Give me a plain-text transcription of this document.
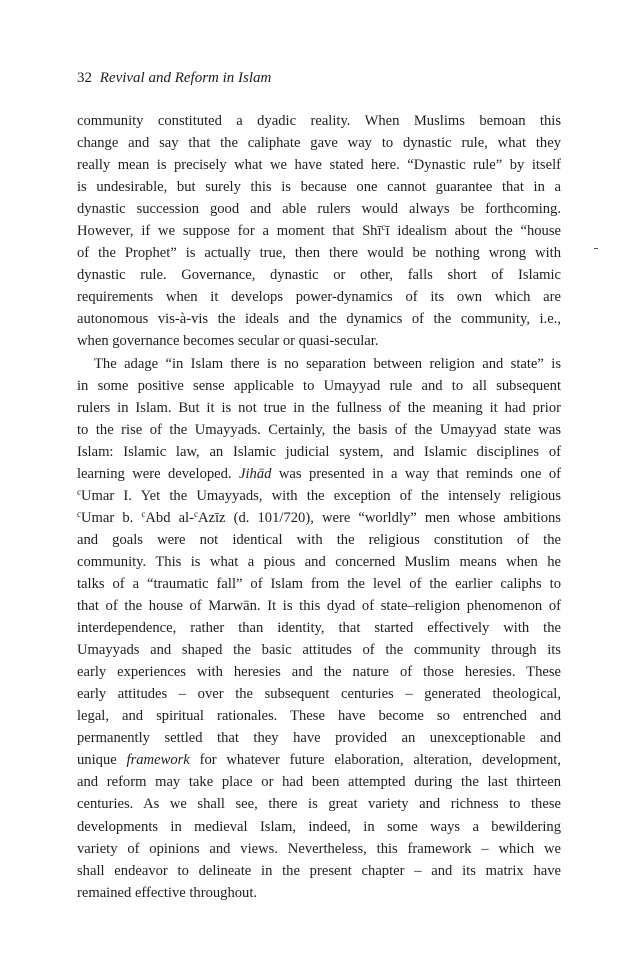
32 Revival and Reform in Islam
community constituted a dyadic reality. When Muslims bemoan this
change and say that the caliphate gave way to dynastic rule, what they
really mean is precisely what we have stated here. “Dynastic rule” by itself
is undesirable, but surely this is because one cannot guarantee that in a
dynastic succession good and able rulers would always be forthcoming.
However, if we suppose for a moment that Shī$^c$ī idealism about the “house
of the Prophet” is actually true, then there would be nothing wrong with
dynastic rule. Governance, dynastic or other, falls short of Islamic
requirements when it develops power-dynamics of its own which are
autonomous vis-à-vis the ideals and the dynamics of the community, i.e.,
when governance becomes secular or quasi-secular.
The adage “in Islam there is no separation between religion and state” is
in some positive sense applicable to Umayyad rule and to all subsequent
rulers in Islam. But it is not true in the fullness of the meaning it had prior
to the rise of the Umayyads. Certainly, the basis of the Umayyad state was
Islam: Islamic law, an Islamic judicial system, and Islamic disciplines of
learning were developed. Jihād was presented in a way that reminds one of
$^c$Umar I. Yet the Umayyads, with the exception of the intensely religious
$^c$Umar b. $^c$Abd al-$^c$Azīz (d. 101/720), were “worldly” men whose ambitions
and goals were not identical with the religious constitution of the
community. This is what a pious and concerned Muslim means when he
talks of a “traumatic fall” of Islam from the level of the earlier caliphs to
that of the house of Marwān. It is this dyad of state–religion phenomenon of
interdependence, rather than identity, that started effectively with the
Umayyads and shaped the basic attitudes of the community through its
early experiences with heresies and the nature of those heresies. These
early attitudes – over the subsequent centuries – generated theological,
legal, and spiritual rationales. These have become so entrenched and
permanently settled that they have provided an unexceptionable and
unique framework for whatever future elaboration, alteration, development,
and reform may take place or had been attempted during the last thirteen
centuries. As we shall see, there is great variety and richness to these
developments in medieval Islam, indeed, in some ways a bewildering
variety of opinions and views. Nevertheless, this framework – which we
shall endeavor to delineate in the present chapter – and its matrix have
remained effective throughout.
